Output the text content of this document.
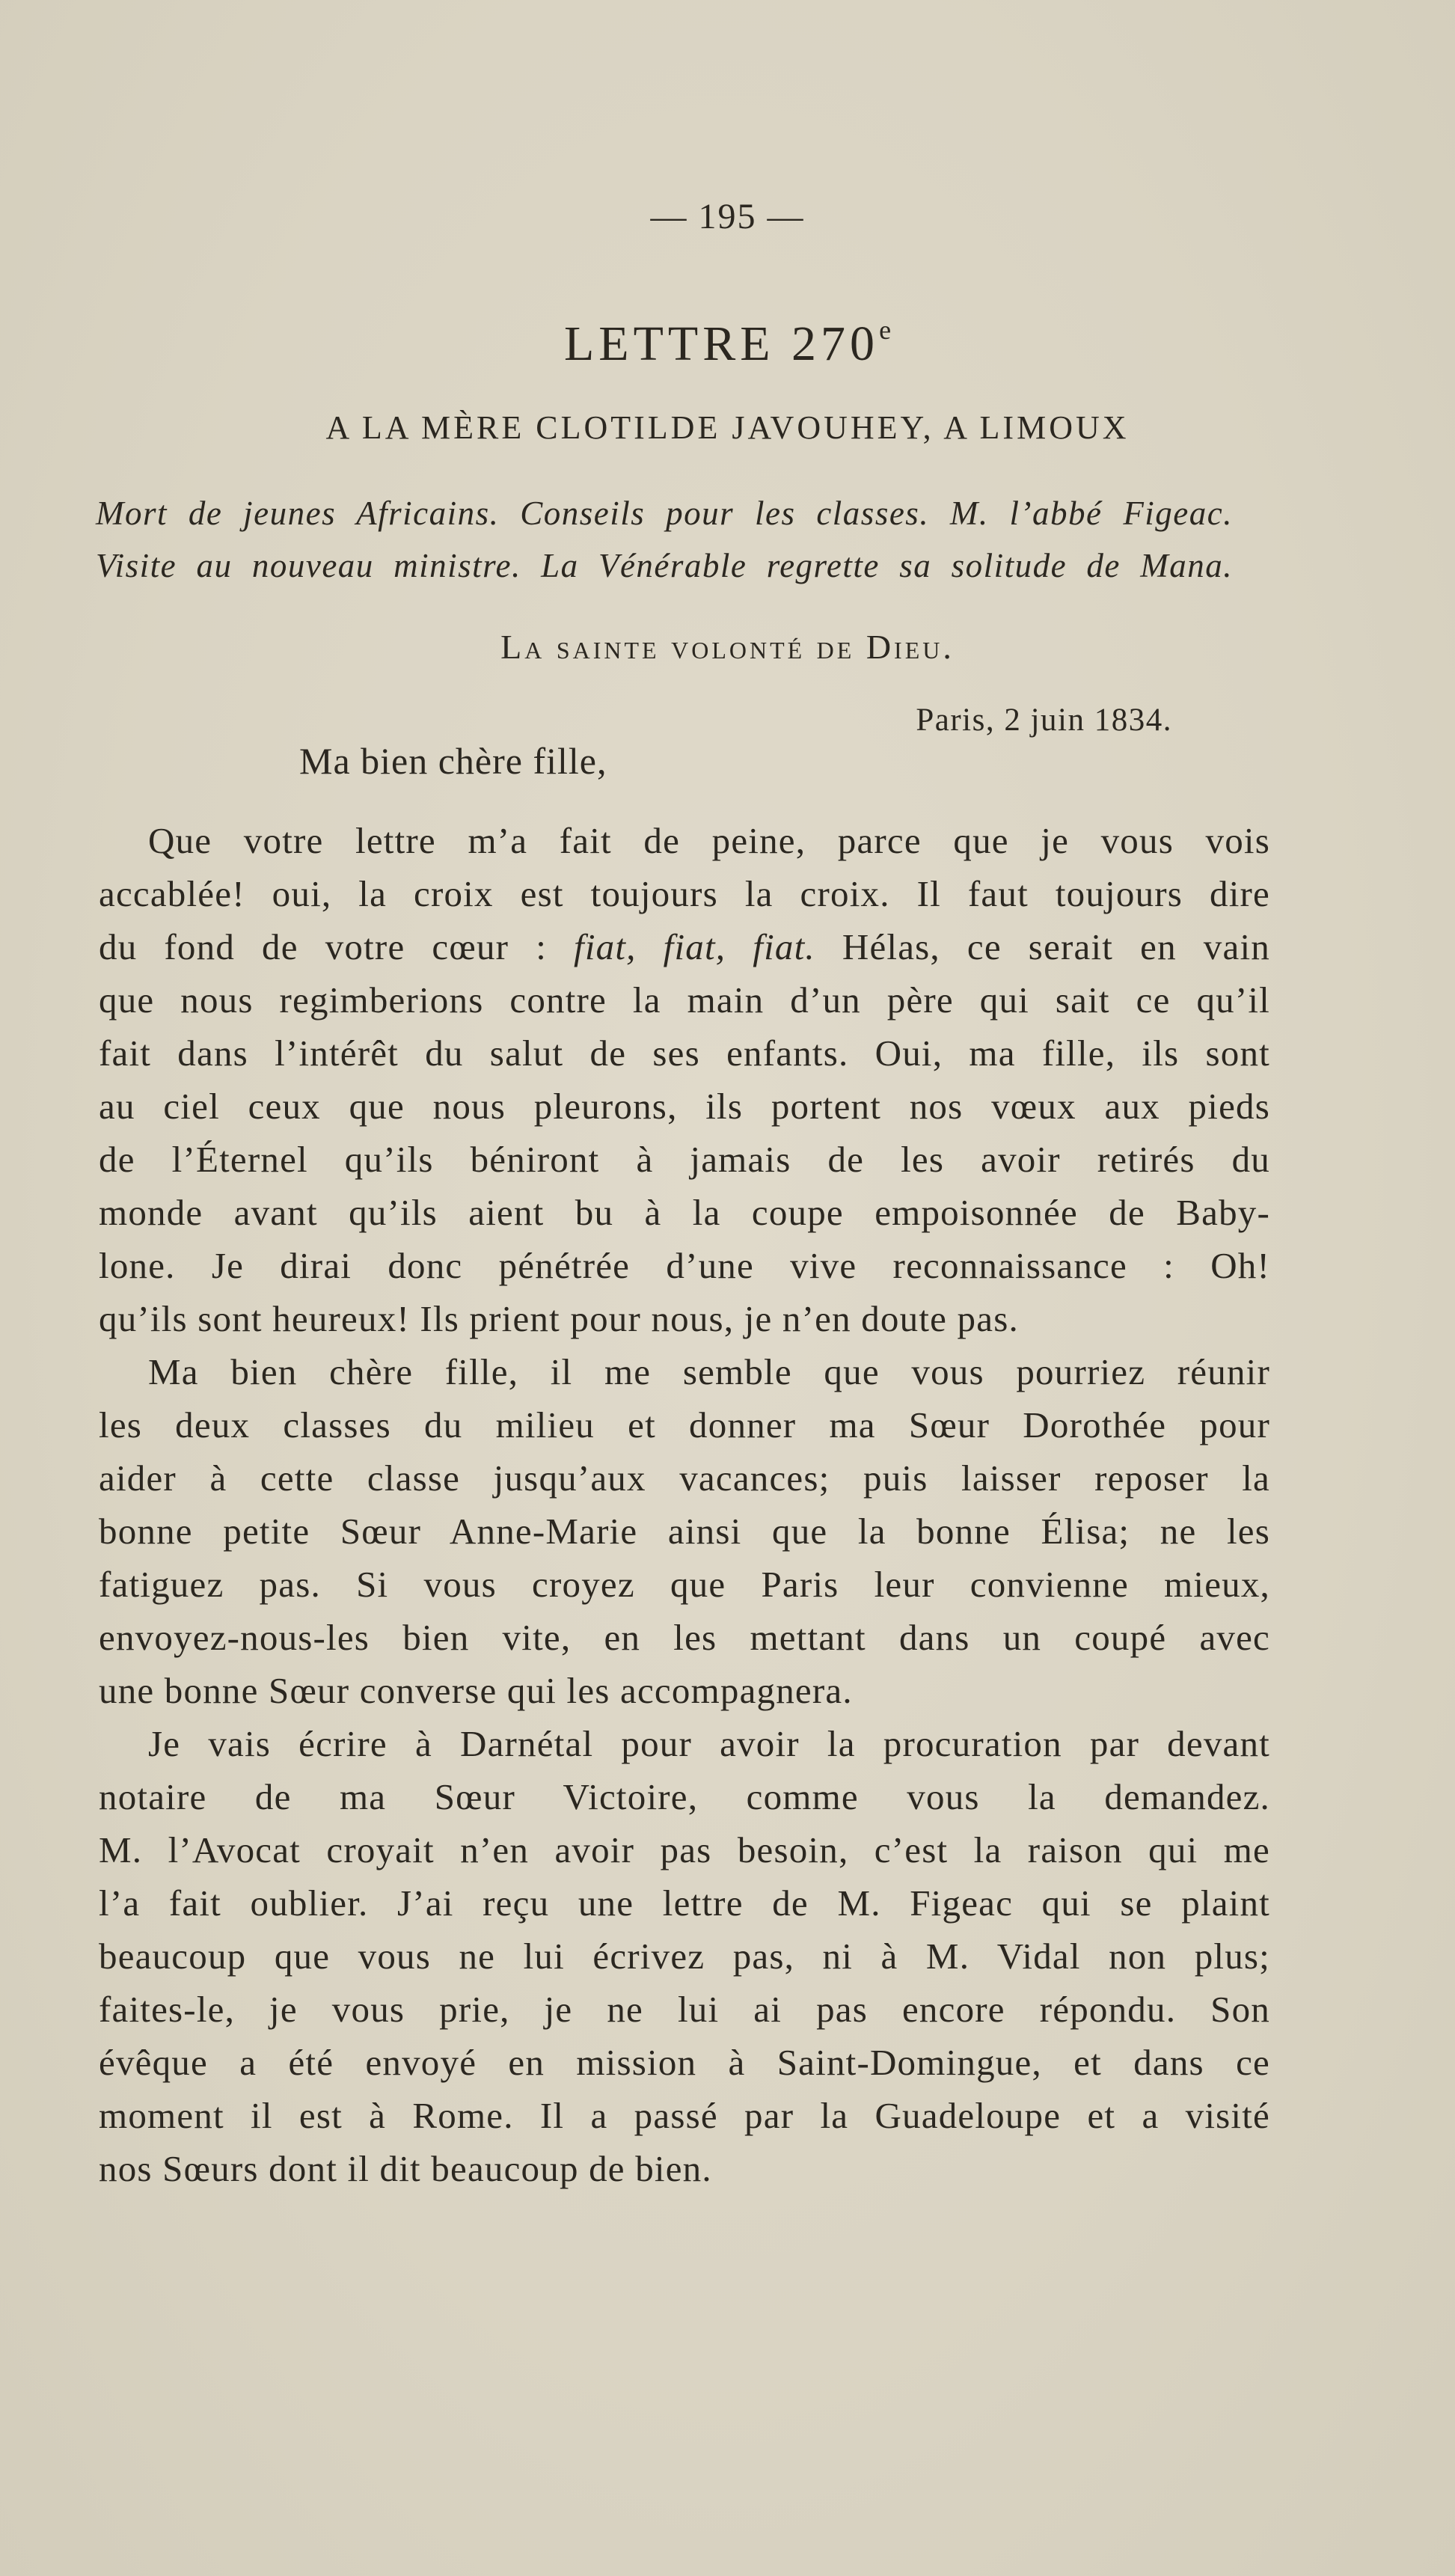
— 195 —
LETTRE 270e
A LA MÈRE CLOTILDE JAVOUHEY, A LIMOUX
Mort de jeunes Africains. Conseils pour les classes. M. l’abbé Figeac.
Visite au nouveau ministre. La Vénérable regrette sa solitude de Mana.
La sainte volonté de Dieu.
Paris, 2 juin 1834.
Ma bien chère fille,
Que votre lettre m’a fait de peine, parce que je vous vois
accablée! oui, la croix est toujours la croix. Il faut toujours dire
du fond de votre cœur : fiat, fiat, fiat. Hélas, ce serait en vain
que nous regimberions contre la main d’un père qui sait ce qu’il
fait dans l’intérêt du salut de ses enfants. Oui, ma fille, ils sont
au ciel ceux que nous pleurons, ils portent nos vœux aux pieds
de l’Éternel qu’ils béniront à jamais de les avoir retirés du
monde avant qu’ils aient bu à la coupe empoisonnée de Baby-
lone. Je dirai donc pénétrée d’une vive reconnaissance : Oh!
qu’ils sont heureux! Ils prient pour nous, je n’en doute pas.
Ma bien chère fille, il me semble que vous pourriez réunir
les deux classes du milieu et donner ma Sœur Dorothée pour
aider à cette classe jusqu’aux vacances; puis laisser reposer la
bonne petite Sœur Anne-Marie ainsi que la bonne Élisa; ne les
fatiguez pas. Si vous croyez que Paris leur convienne mieux,
envoyez-nous-les bien vite, en les mettant dans un coupé avec
une bonne Sœur converse qui les accompagnera.
Je vais écrire à Darnétal pour avoir la procuration par devant
notaire de ma Sœur Victoire, comme vous la demandez.
M. l’Avocat croyait n’en avoir pas besoin, c’est la raison qui me
l’a fait oublier. J’ai reçu une lettre de M. Figeac qui se plaint
beaucoup que vous ne lui écrivez pas, ni à M. Vidal non plus;
faites-le, je vous prie, je ne lui ai pas encore répondu. Son
évêque a été envoyé en mission à Saint-Domingue, et dans ce
moment il est à Rome. Il a passé par la Guadeloupe et a visité
nos Sœurs dont il dit beaucoup de bien.
